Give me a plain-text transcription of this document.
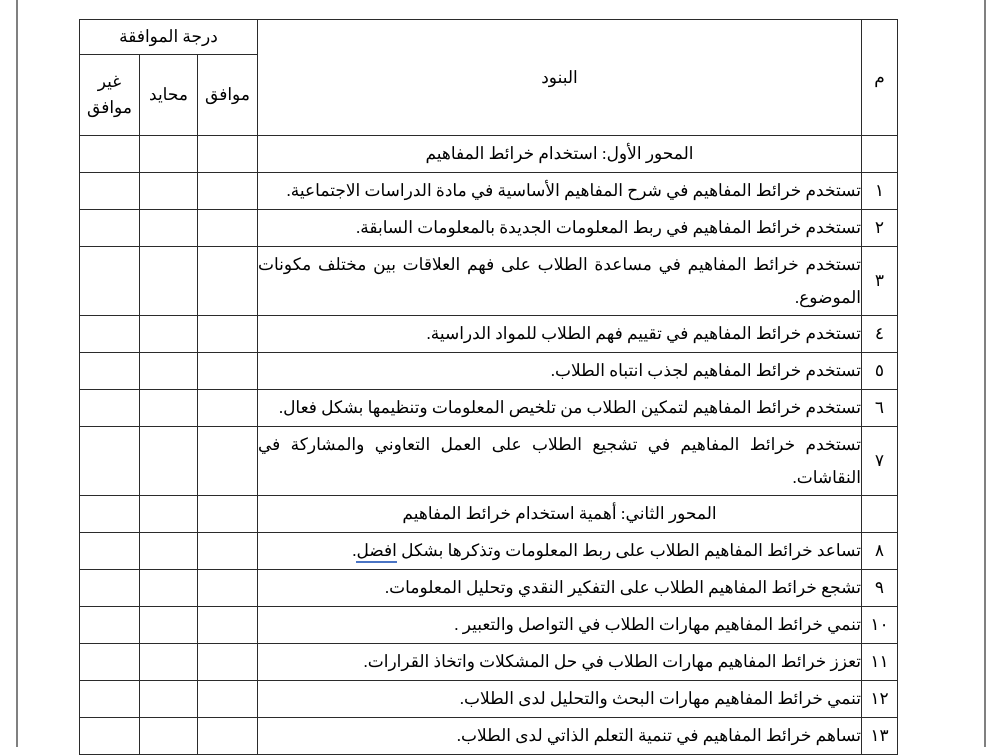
م	البنود	درجة الموافقة		
		موافق	محايد	غير موافق
	المحور الأول: استخدام خرائط المفاهيم			
١	تستخدم خرائط المفاهيم في شرح المفاهيم الأساسية في مادة الدراسات الاجتماعية.			
٢	تستخدم خرائط المفاهيم في ربط المعلومات الجديدة بالمعلومات السابقة.			
٣	تستخدم خرائط المفاهيم في مساعدة الطلاب على فهم العلاقات بين مختلف مكونات الموضوع.			
٤	تستخدم خرائط المفاهيم في تقييم فهم الطلاب للمواد الدراسية.			
٥	تستخدم خرائط المفاهيم لجذب انتباه الطلاب.			
٦	تستخدم خرائط المفاهيم لتمكين الطلاب من تلخيص المعلومات وتنظيمها بشكل فعال.			
٧	تستخدم خرائط المفاهيم في تشجيع الطلاب على العمل التعاوني والمشاركة في النقاشات.			
	المحور الثاني: أهمية استخدام خرائط المفاهيم			
٨	تساعد خرائط المفاهيم الطلاب على ربط المعلومات وتذكرها بشكل افضل.			
٩	تشجع خرائط المفاهيم الطلاب على التفكير النقدي وتحليل المعلومات.			
١٠	تنمي خرائط المفاهيم مهارات الطلاب في التواصل والتعبير .			
١١	تعزز خرائط المفاهيم مهارات الطلاب في حل المشكلات واتخاذ القرارات.			
١٢	تنمي خرائط المفاهيم مهارات البحث والتحليل لدى الطلاب.			
١٣	تساهم خرائط المفاهيم في تنمية التعلم الذاتي لدى الطلاب.			
